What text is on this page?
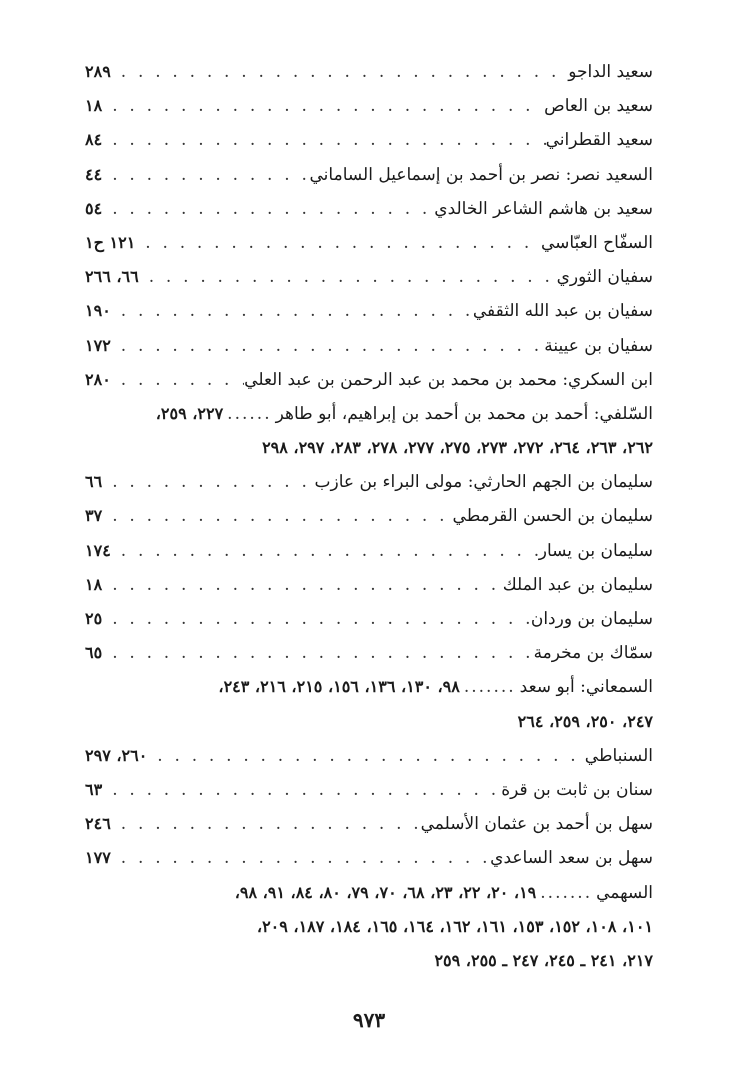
سعيد الداجو
. . .
٢٨٩
سعيد بن العاص
. . .
١٨
سعيد القطراني
. . .
٨٤
السعيد نصر: نصر بن أحمد بن إسماعيل الساماني
. . .
٤٤
سعيد بن هاشم الشاعر الخالدي
. . .
٥٤
السفّاح العبّاسي
. . .
١٢١ ح١
سفيان الثوري
. . .
٦٦، ٢٦٦
سفيان بن عبد الله الثقفي
. . .
١٩٠
سفيان بن عيينة
. . .
١٧٢
ابن السكري: محمد بن محمد بن عبد الرحمن بن عبد العلي
. . .
٢٨٠
السّلفي: أحمد بن محمد بن أحمد بن إبراهيم، أبو طاهر
......
٢٢٧، ٢٥٩،
٢٦٢، ٢٦٣، ٢٦٤، ٢٧٢، ٢٧٣، ٢٧٥، ٢٧٧، ٢٧٨، ٢٨٣، ٢٩٧، ٢٩٨
سليمان بن الجهم الحارثي: مولى البراء بن عازب
. . .
٦٦
سليمان بن الحسن القرمطي
. . .
٣٧
سليمان بن يسار
. . .
١٧٤
سليمان بن عبد الملك
. . .
١٨
سليمان بن وردان
. . .
٢٥
سمّاك بن مخرمة
. . .
٦٥
السمعاني: أبو سعد
.......
٩٨، ١٣٠، ١٣٦، ١٥٦، ٢١٥، ٢١٦، ٢٤٣،
٢٤٧، ٢٥٠، ٢٥٩، ٢٦٤
السنباطي
. . .
٢٦٠، ٢٩٧
سنان بن ثابت بن قرة
. . .
٦٣
سهل بن أحمد بن عثمان الأسلمي
. . .
٢٤٦
سهل بن سعد الساعدي
. . .
١٧٧
السهمي
.......
١٩، ٢٠، ٢٢، ٢٣، ٦٨، ٧٠، ٧٩، ٨٠، ٨٤، ٩١، ٩٨،
١٠١، ١٠٨، ١٥٢، ١٥٣، ١٦١، ١٦٢، ١٦٤، ١٦٥، ١٨٤، ١٨٧، ٢٠٩،
٢١٧، ٢٤١ ـ ٢٤٥، ٢٤٧ ـ ٢٥٥، ٢٥٩
٩٧٣
